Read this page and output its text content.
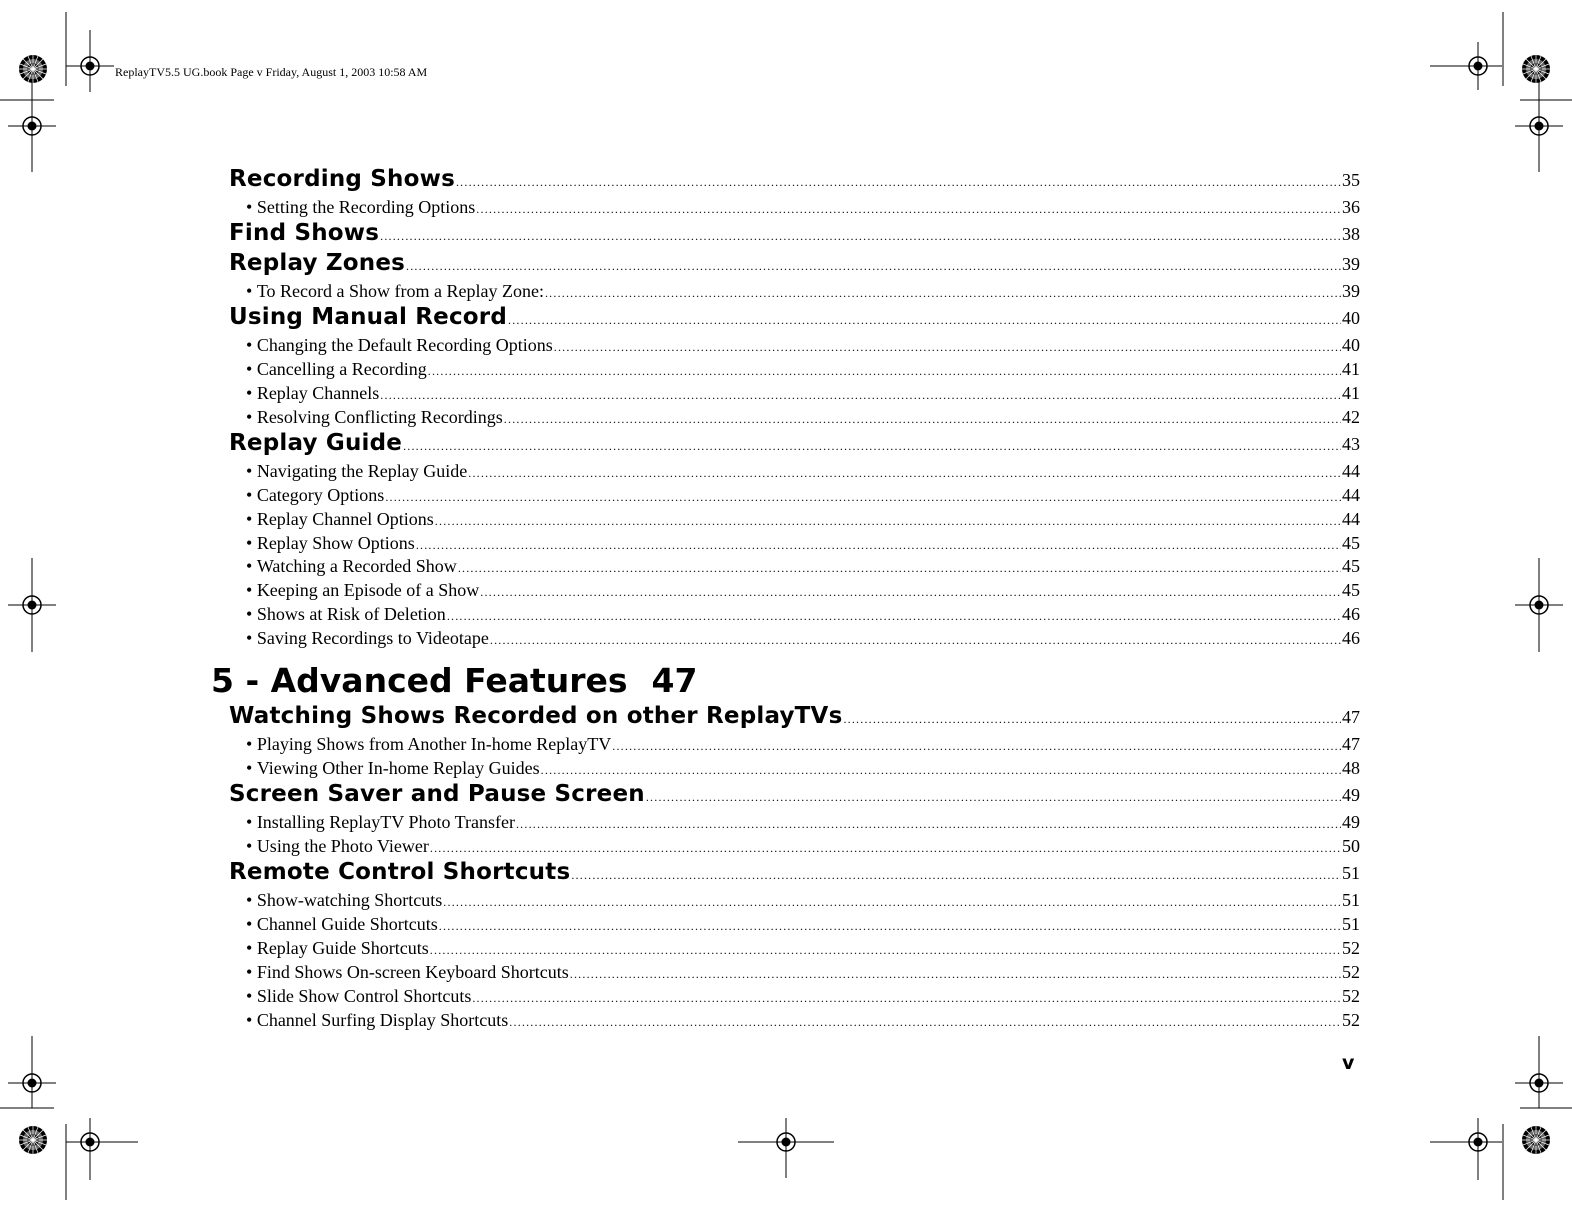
ReplayTV5.5 UG.book Page v Friday, August 1, 2003 10:58 AM
Recording Shows .....	35
• Setting the Recording Options .....	36
Find Shows .....	38
Replay Zones .....	39
• To Record a Show from a Replay Zone: .....	39
Using Manual Record .....	40
• Changing the Default Recording Options .....	40
• Cancelling a Recording .....	41
• Replay Channels .....	41
• Resolving Conflicting Recordings .....	42
Replay Guide .....	43
• Navigating the Replay Guide .....	44
• Category Options .....	44
• Replay Channel Options .....	44
• Replay Show Options .....	45
• Watching a Recorded Show .....	45
• Keeping an Episode of a Show .....	45
• Shows at Risk of Deletion .....	46
• Saving Recordings to Videotape .....	46
5 - Advanced Features 47
Watching Shows Recorded on other ReplayTVs .....	47
• Playing Shows from Another In-home ReplayTV .....	47
• Viewing Other In-home Replay Guides .....	48
Screen Saver and Pause Screen .....	49
• Installing ReplayTV Photo Transfer .....	49
• Using the Photo Viewer .....	50
Remote Control Shortcuts .....	51
• Show-watching Shortcuts .....	51
• Channel Guide Shortcuts .....	51
• Replay Guide Shortcuts .....	52
• Find Shows On-screen Keyboard Shortcuts .....	52
• Slide Show Control Shortcuts .....	52
• Channel Surfing Display Shortcuts .....	52
v
